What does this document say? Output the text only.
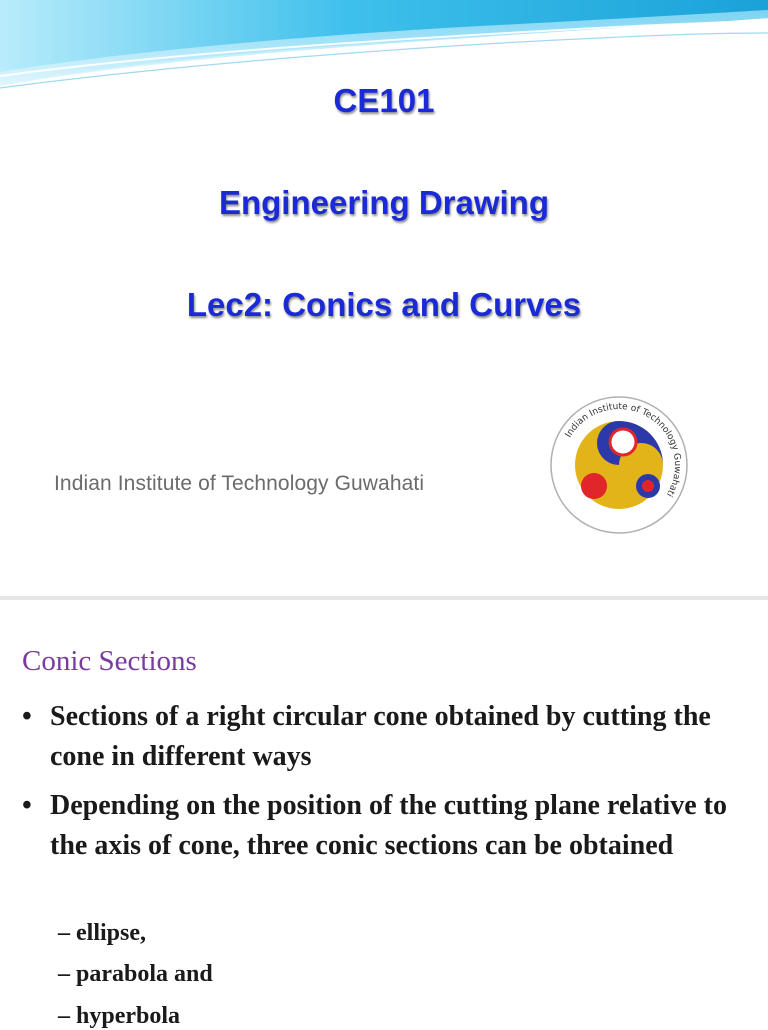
CE101
Engineering Drawing
Lec2: Conics and Curves
Indian Institute of Technology Guwahati
Indian Institute of Technology Guwahati
Conic Sections
• Sections of a right circular cone obtained by cutting the cone in different ways
• Depending on the position of the cutting plane relative to the axis of cone, three conic sections can be obtained
– ellipse,
– parabola and
– hyperbola
